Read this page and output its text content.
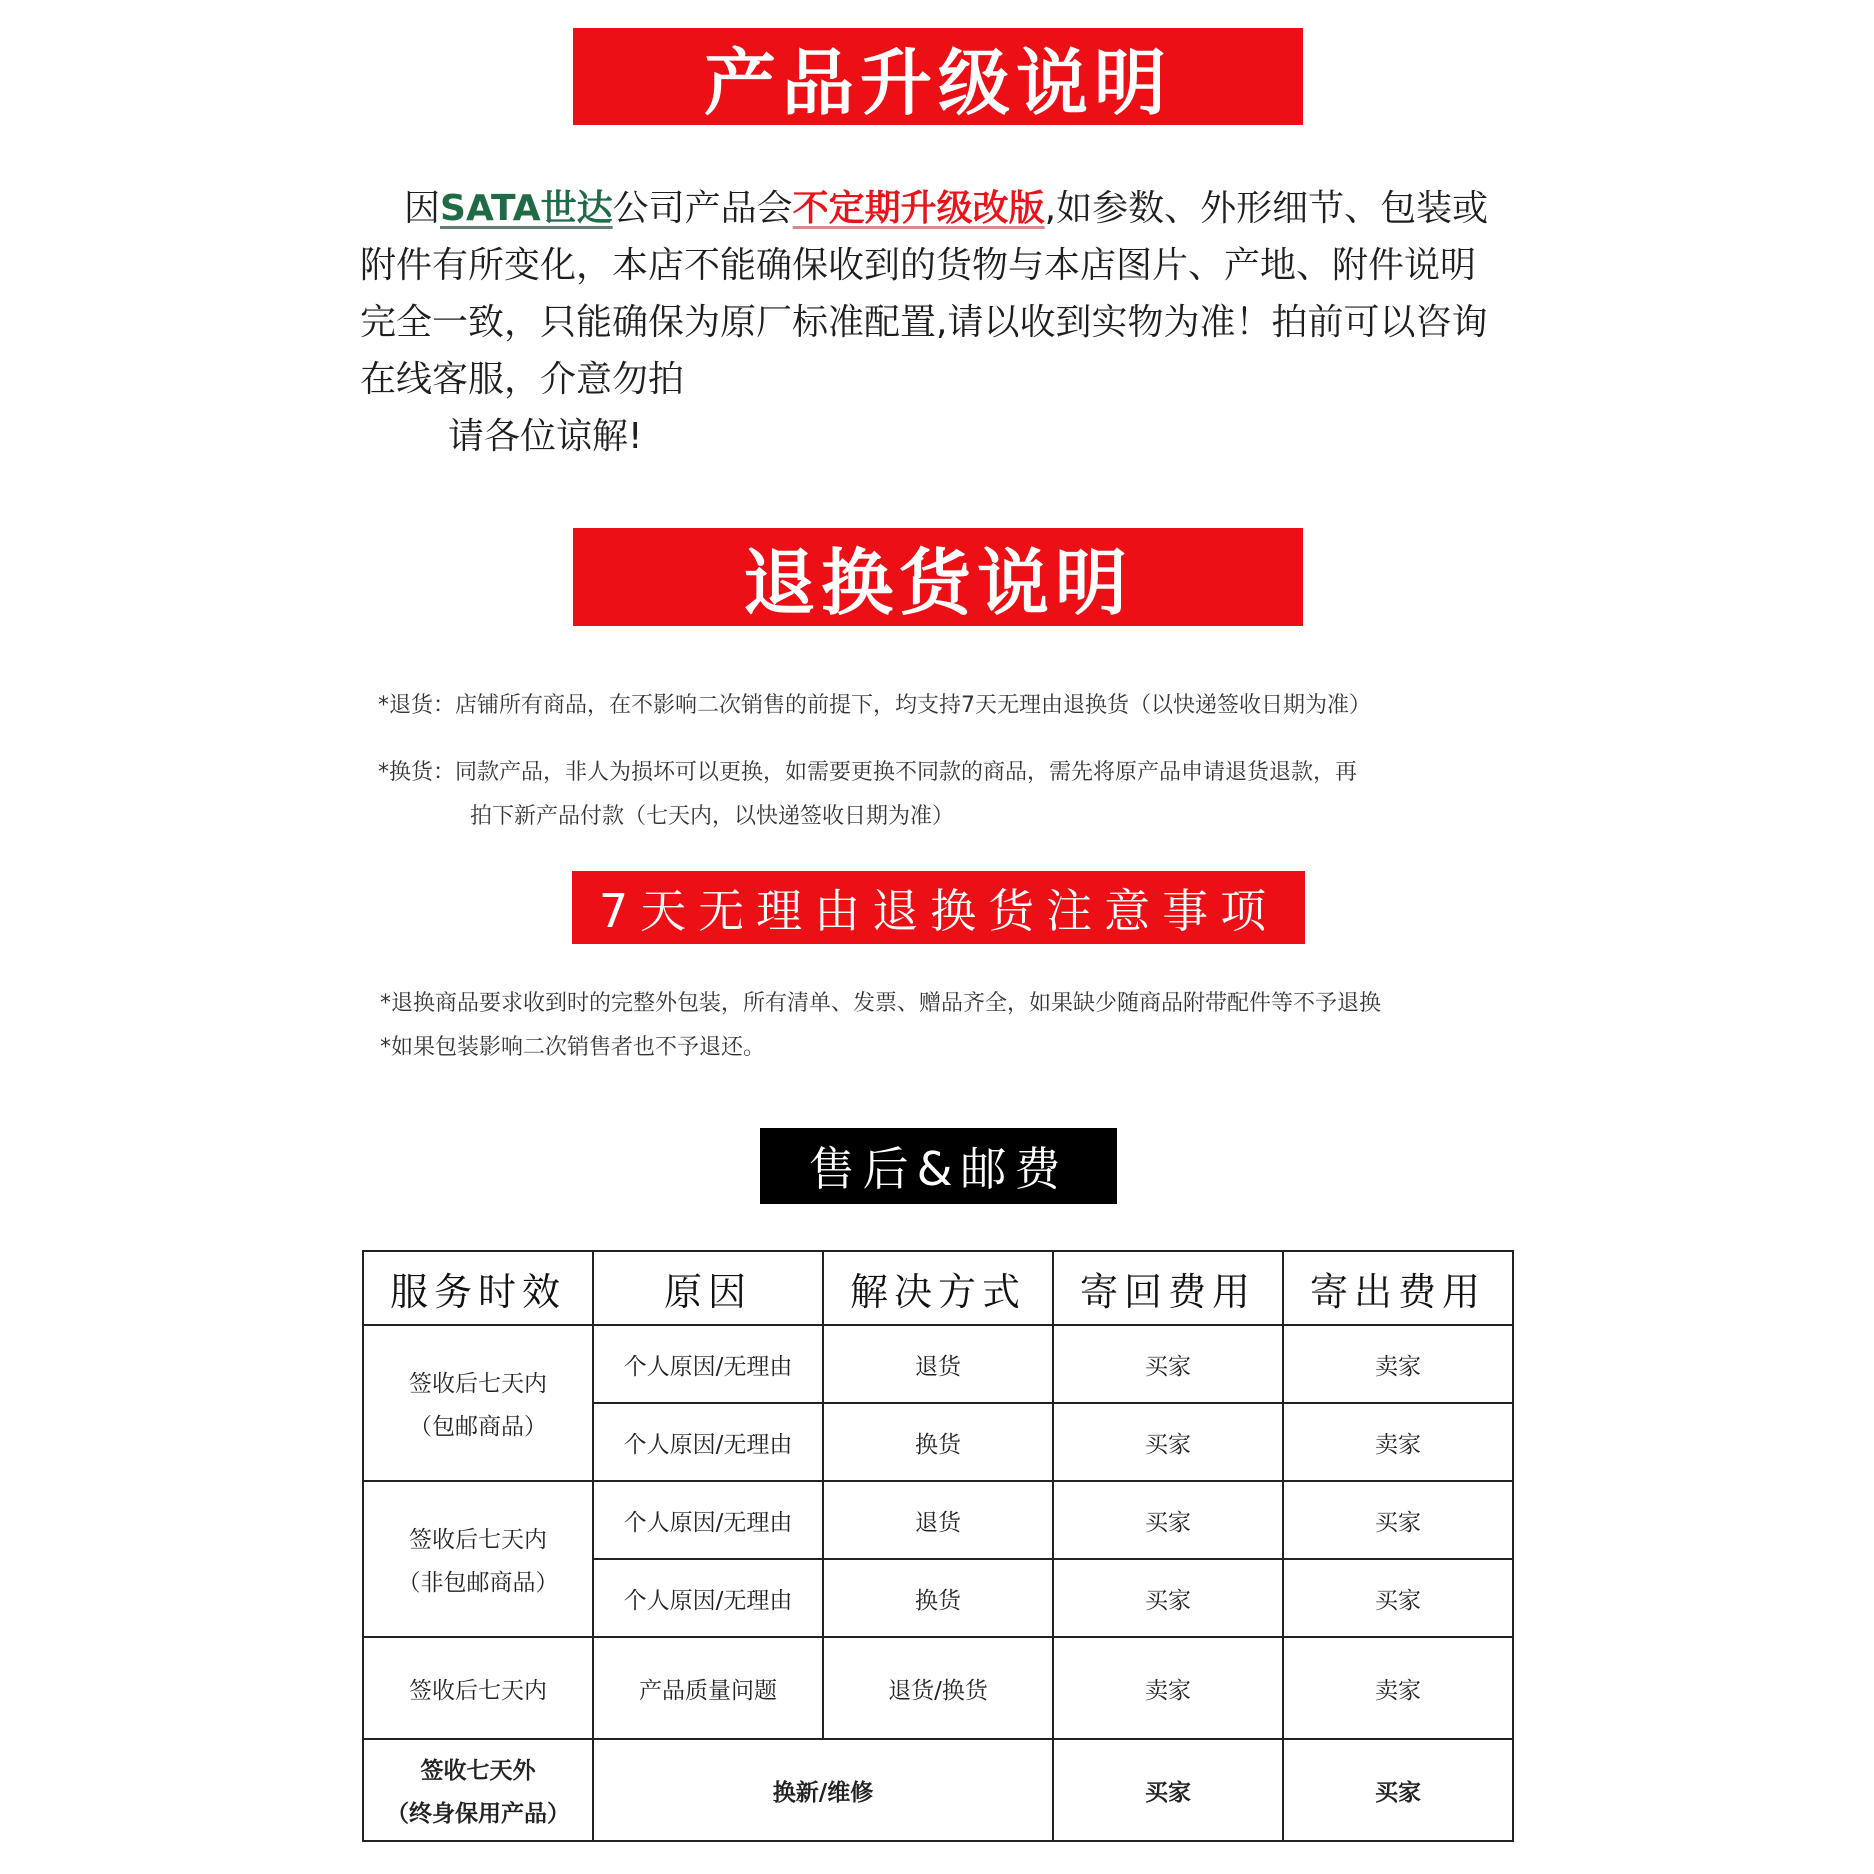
产品升级说明
因SATA世达公司产品会不定期升级改版,如参数、外形细节、包装或
附件有所变化，本店不能确保收到的货物与本店图片、产地、附件说明
完全一致，只能确保为原厂标准配置,请以收到实物为准！拍前可以咨询
在线客服，介意勿拍
请各位谅解!
退换货说明
*退货：店铺所有商品，在不影响二次销售的前提下，均支持7天无理由退换货（以快递签收日期为准）
*换货：同款产品，非人为损坏可以更换，如需要更换不同款的商品，需先将原产品申请退货退款，再
拍下新产品付款（七天内，以快递签收日期为准）
7天无理由退换货注意事项
*退换商品要求收到时的完整外包装，所有清单、发票、赠品齐全，如果缺少随商品附带配件等不予退换
*如果包装影响二次销售者也不予退还。
售后&邮费
服务时效	原因	解决方式	寄回费用	寄出费用
签收后七天内
（包邮商品）	个人原因/无理由	退货	买家	卖家
	个人原因/无理由	换货	买家	卖家
签收后七天内
（非包邮商品）	个人原因/无理由	退货	买家	买家
	个人原因/无理由	换货	买家	买家
签收后七天内	产品质量问题	退货/换货	卖家	卖家
签收七天外
（终身保用产品）	换新/维修		买家	买家
